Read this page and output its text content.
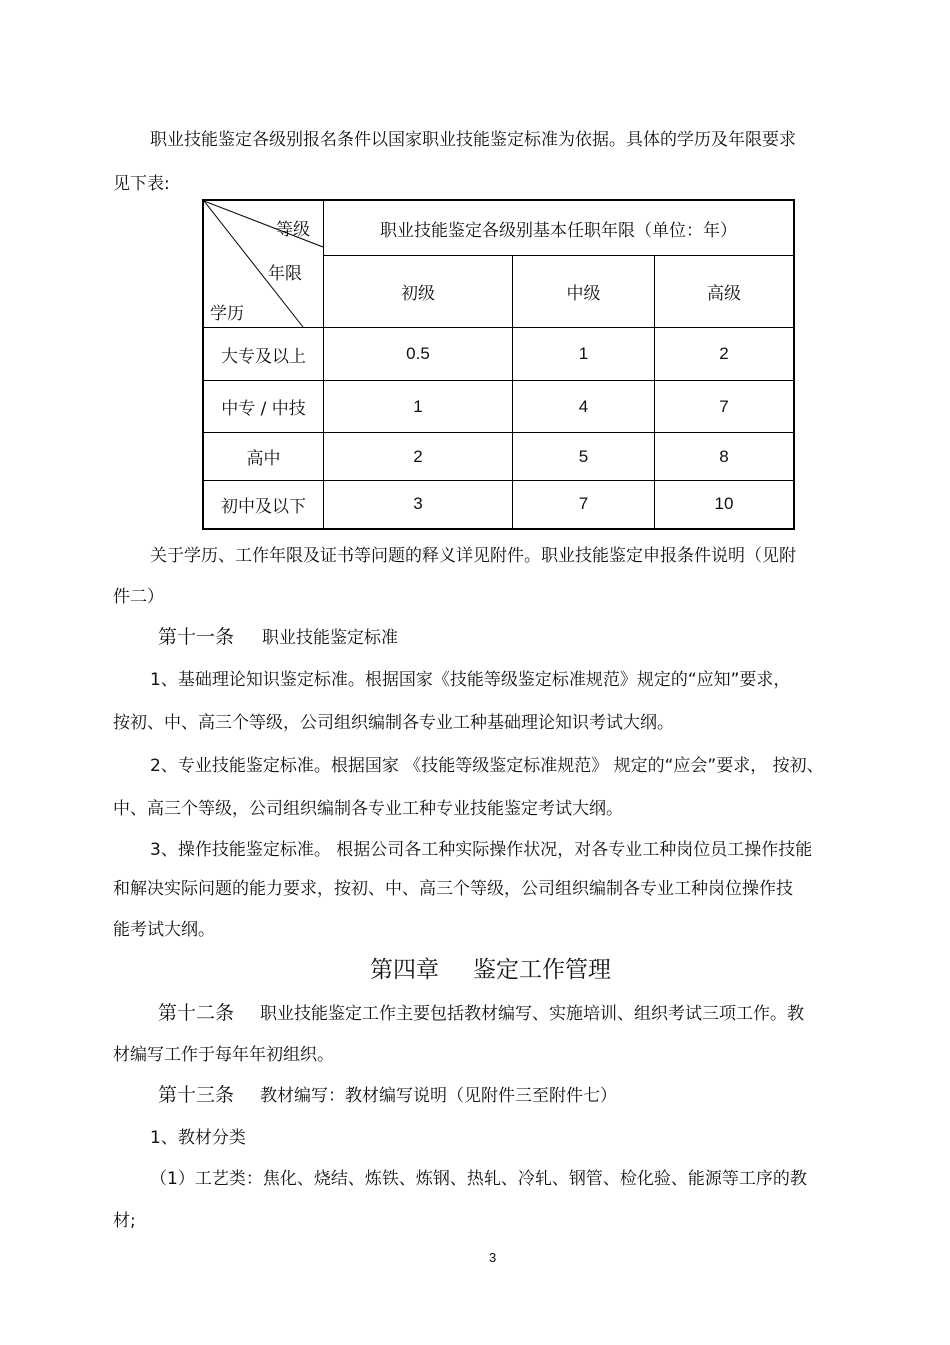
职业技能鉴定各级别报名条件以国家职业技能鉴定标准为依据。具体的学历及年限要求
见下表:
等级
年限
学历	职业技能鉴定各级别基本任职年限（单位：年）		
	初级	中级	高级
大专及以上	0.5	1	2
中专 / 中技	1	4	7
高中	2	5	8
初中及以下	3	7	10
关于学历、工作年限及证书等问题的释义详见附件。职业技能鉴定申报条件说明（见附
件二）
第十一条 职业技能鉴定标准
1、基础理论知识鉴定标准。根据国家《技能等级鉴定标准规范》规定的“应知”要求，
按初、中、高三个等级，公司组织编制各专业工种基础理论知识考试大纲。
2、专业技能鉴定标准。根据国家 《技能等级鉴定标准规范》 规定的“应会”要求， 按初、
中、高三个等级，公司组织编制各专业工种专业技能鉴定考试大纲。
3、操作技能鉴定标准。 根据公司各工种实际操作状况，对各专业工种岗位员工操作技能
和解决实际问题的能力要求，按初、中、高三个等级，公司组织编制各专业工种岗位操作技
能考试大纲。
第四章 鉴定工作管理
第十二条 职业技能鉴定工作主要包括教材编写、实施培训、组织考试三项工作。教
材编写工作于每年年初组织。
第十三条 教材编写：教材编写说明（见附件三至附件七）
1、教材分类
（1）工艺类：焦化、烧结、炼铁、炼钢、热轧、冷轧、钢管、检化验、能源等工序的教
材;
3
